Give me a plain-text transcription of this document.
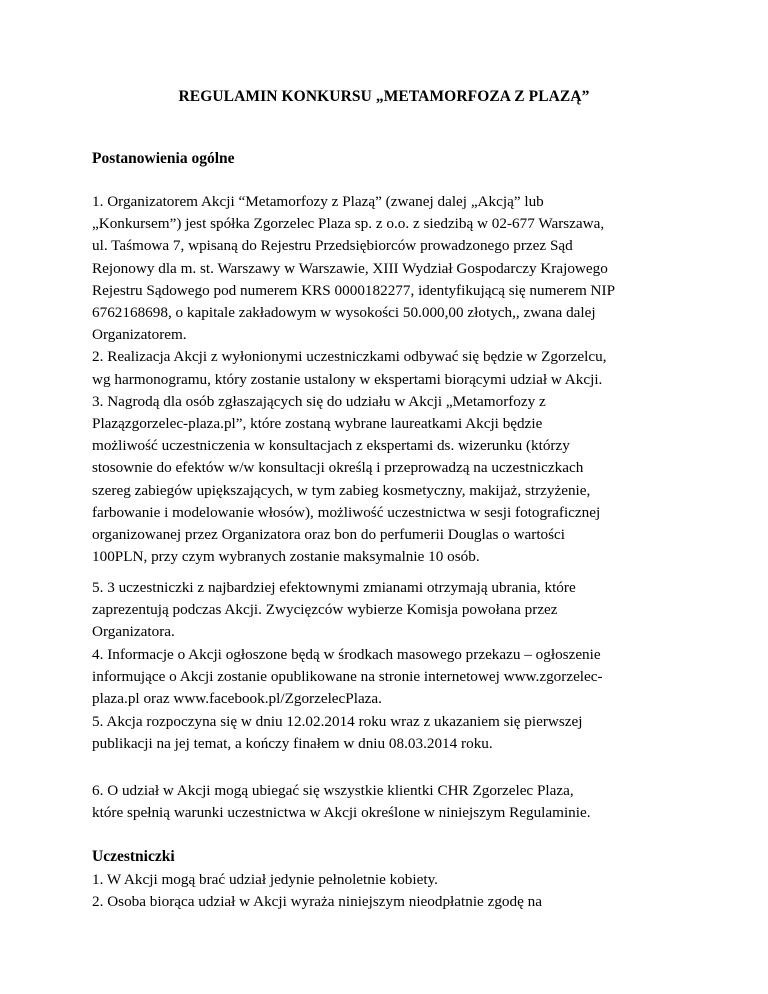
REGULAMIN KONKURSU „METAMORFOZA Z PLAZĄ”
Postanowienia ogólne
1. Organizatorem Akcji “Metamorfozy z Plazą” (zwanej dalej „Akcją” lub
„Konkursem”) jest spółka Zgorzelec Plaza sp. z o.o. z siedzibą w 02-677 Warszawa,
ul. Taśmowa 7, wpisaną do Rejestru Przedsiębiorców prowadzonego przez Sąd
Rejonowy dla m. st. Warszawy w Warszawie, XIII Wydział Gospodarczy Krajowego
Rejestru Sądowego pod numerem KRS 0000182277, identyfikującą się numerem NIP
6762168698, o kapitale zakładowym w wysokości 50.000,00 złotych,, zwana dalej
Organizatorem.
2. Realizacja Akcji z wyłonionymi uczestniczkami odbywać się będzie w Zgorzelcu,
wg harmonogramu, który zostanie ustalony w ekspertami biorącymi udział w Akcji.
3. Nagrodą dla osób zgłaszających się do udziału w Akcji „Metamorfozy z
Plazązgorzelec-plaza.pl”, które zostaną wybrane laureatkami Akcji będzie
możliwość uczestniczenia w konsultacjach z ekspertami ds. wizerunku (którzy
stosownie do efektów w/w konsultacji określą i przeprowadzą na uczestniczkach
szereg zabiegów upiększających, w tym zabieg kosmetyczny, makijaż, strzyżenie,
farbowanie i modelowanie włosów), możliwość uczestnictwa w sesji fotograficznej
organizowanej przez Organizatora oraz bon do perfumerii Douglas o wartości
100PLN, przy czym wybranych zostanie maksymalnie 10 osób.
5. 3 uczestniczki z najbardziej efektownymi zmianami otrzymają ubrania, które
zaprezentują podczas Akcji. Zwycięzców wybierze Komisja powołana przez
Organizatora.
4. Informacje o Akcji ogłoszone będą w środkach masowego przekazu – ogłoszenie
informujące o Akcji zostanie opublikowane na stronie internetowej www.zgorzelec-
plaza.pl oraz www.facebook.pl/ZgorzelecPlaza.
5. Akcja rozpoczyna się w dniu 12.02.2014 roku wraz z ukazaniem się pierwszej
publikacji na jej temat, a kończy finałem w dniu 08.03.2014 roku.
6. O udział w Akcji mogą ubiegać się wszystkie klientki CHR Zgorzelec Plaza,
które spełnią warunki uczestnictwa w Akcji określone w niniejszym Regulaminie.
Uczestniczki
1. W Akcji mogą brać udział jedynie pełnoletnie kobiety.
2. Osoba biorąca udział w Akcji wyraża niniejszym nieodpłatnie zgodę na
